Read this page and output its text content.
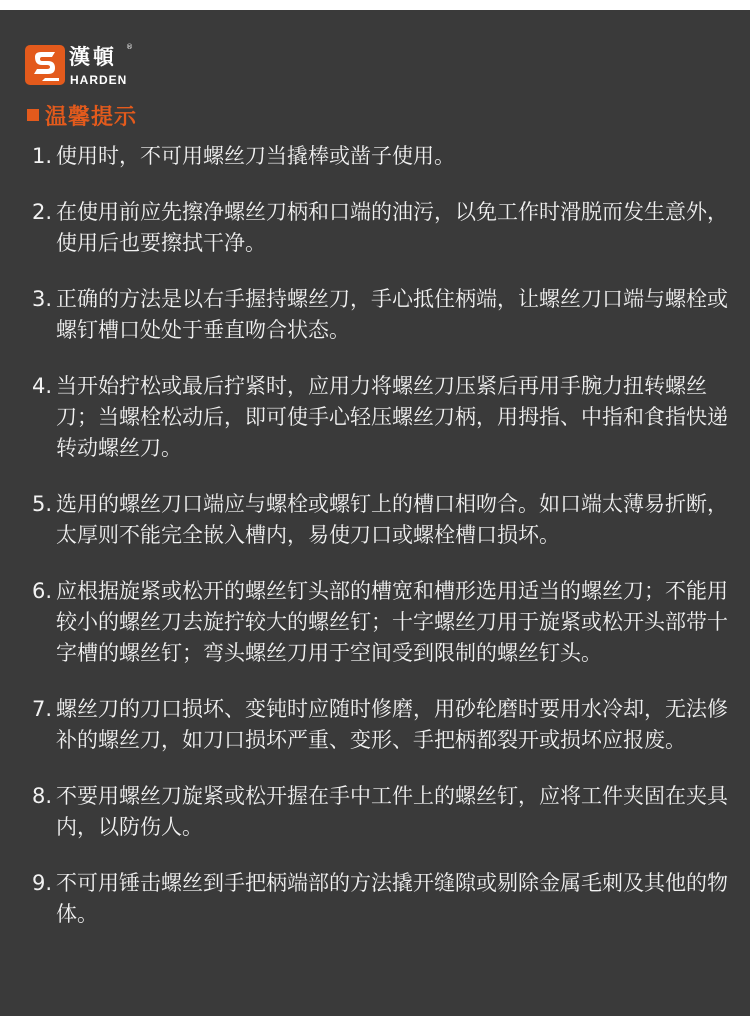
漢頓 ®
HARDEN
温馨提示
1. 使用时，不可用螺丝刀当撬棒或凿子使用。
2. 在使用前应先擦净螺丝刀柄和口端的油污，以免工作时滑脱而发生意外，使用后也要擦拭干净。
3. 正确的方法是以右手握持螺丝刀，手心抵住柄端，让螺丝刀口端与螺栓或螺钉槽口处处于垂直吻合状态。
4. 当开始拧松或最后拧紧时，应用力将螺丝刀压紧后再用手腕力扭转螺丝刀；当螺栓松动后，即可使手心轻压螺丝刀柄，用拇指、中指和食指快递转动螺丝刀。
5. 选用的螺丝刀口端应与螺栓或螺钉上的槽口相吻合。如口端太薄易折断，太厚则不能完全嵌入槽内，易使刀口或螺栓槽口损坏。
6. 应根据旋紧或松开的螺丝钉头部的槽宽和槽形选用适当的螺丝刀；不能用较小的螺丝刀去旋拧较大的螺丝钉；十字螺丝刀用于旋紧或松开头部带十字槽的螺丝钉；弯头螺丝刀用于空间受到限制的螺丝钉头。
7. 螺丝刀的刀口损坏、变钝时应随时修磨，用砂轮磨时要用水冷却，无法修补的螺丝刀，如刀口损坏严重、变形、手把柄都裂开或损坏应报废。
8. 不要用螺丝刀旋紧或松开握在手中工件上的螺丝钉，应将工件夹固在夹具内，以防伤人。
9. 不可用锤击螺丝到手把柄端部的方法撬开缝隙或剔除金属毛刺及其他的物体。
